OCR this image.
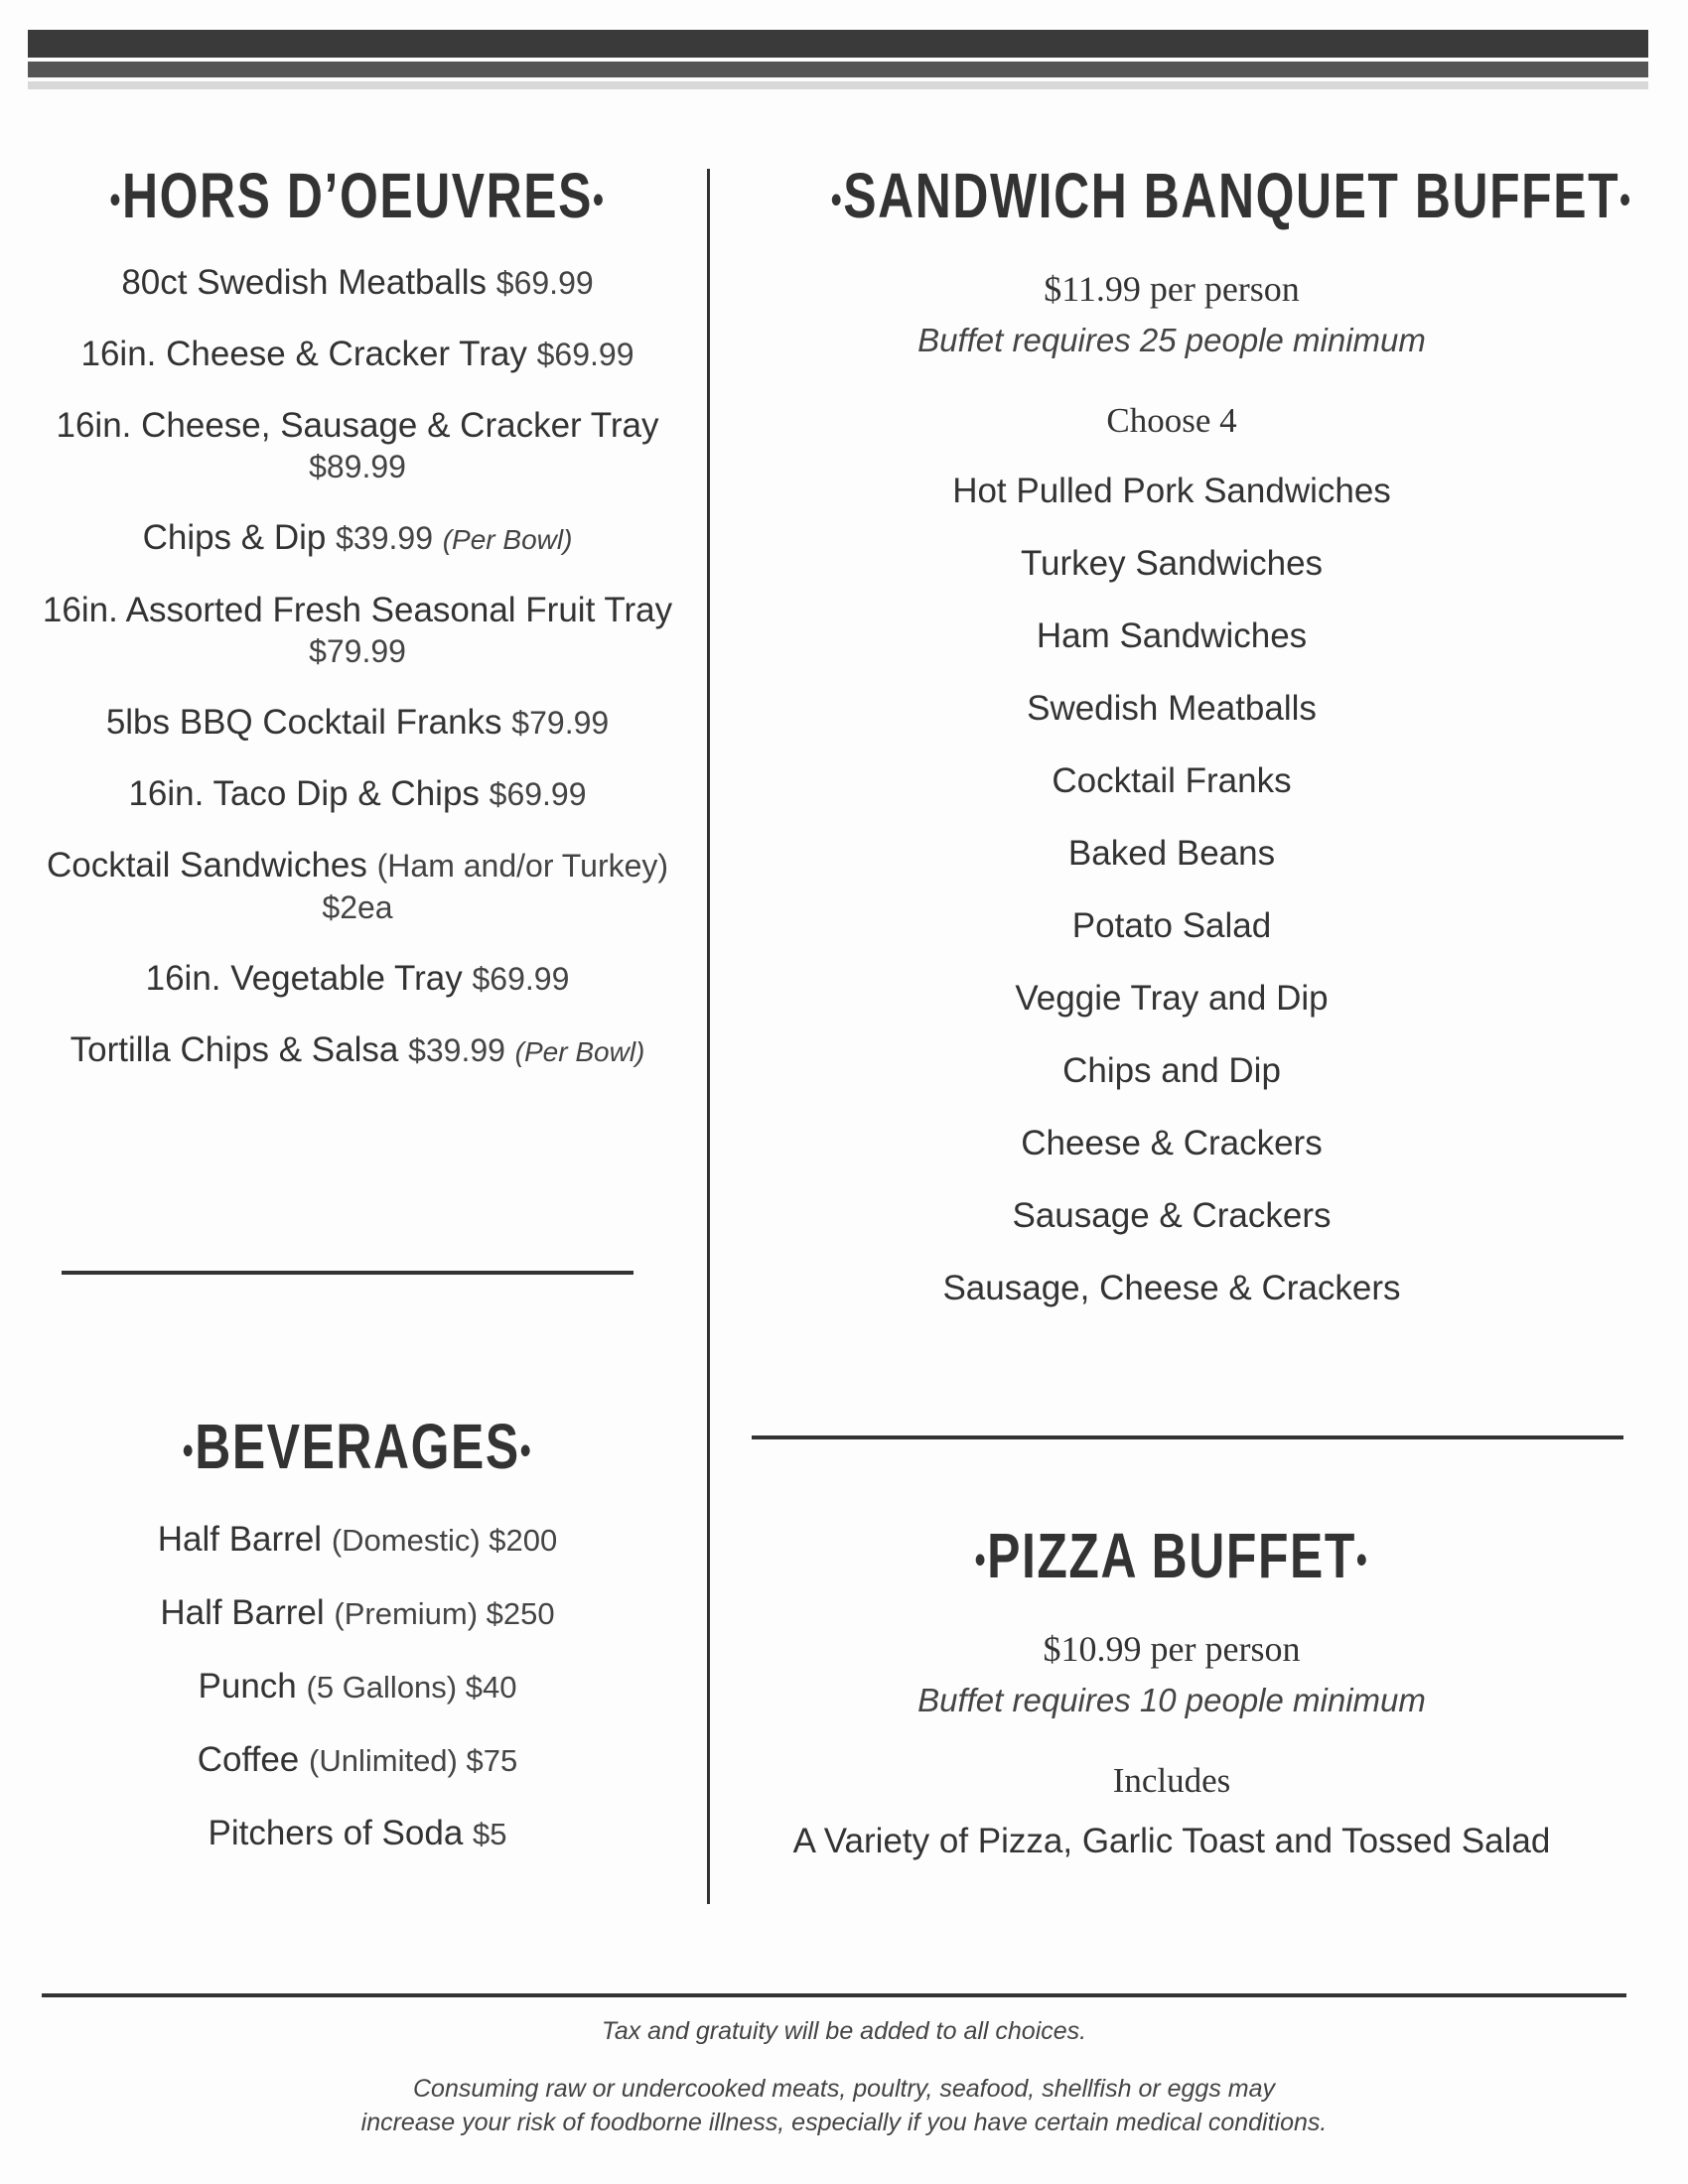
•HORS D’OEUVRES•
80ct Swedish Meatballs $69.99
16in. Cheese & Cracker Tray $69.99
16in. Cheese, Sausage & Cracker Tray $89.99
Chips & Dip $39.99 (Per Bowl)
16in. Assorted Fresh Seasonal Fruit Tray $79.99
5lbs BBQ Cocktail Franks $79.99
16in. Taco Dip & Chips $69.99
Cocktail Sandwiches (Ham and/or Turkey) $2ea
16in. Vegetable Tray $69.99
Tortilla Chips & Salsa $39.99 (Per Bowl)
•BEVERAGES•
Half Barrel (Domestic) $200
Half Barrel (Premium) $250
Punch (5 Gallons) $40
Coffee (Unlimited) $75
Pitchers of Soda $5
•SANDWICH BANQUET BUFFET•
$11.99 per person
Buffet requires 25 people minimum
Choose 4
Hot Pulled Pork Sandwiches
Turkey Sandwiches
Ham Sandwiches
Swedish Meatballs
Cocktail Franks
Baked Beans
Potato Salad
Veggie Tray and Dip
Chips and Dip
Cheese & Crackers
Sausage & Crackers
Sausage, Cheese & Crackers
•PIZZA BUFFET•
$10.99 per person
Buffet requires 10 people minimum
Includes
A Variety of Pizza, Garlic Toast and Tossed Salad
Tax and gratuity will be added to all choices.
Consuming raw or undercooked meats, poultry, seafood, shellfish or eggs may
increase your risk of foodborne illness, especially if you have certain medical conditions.
